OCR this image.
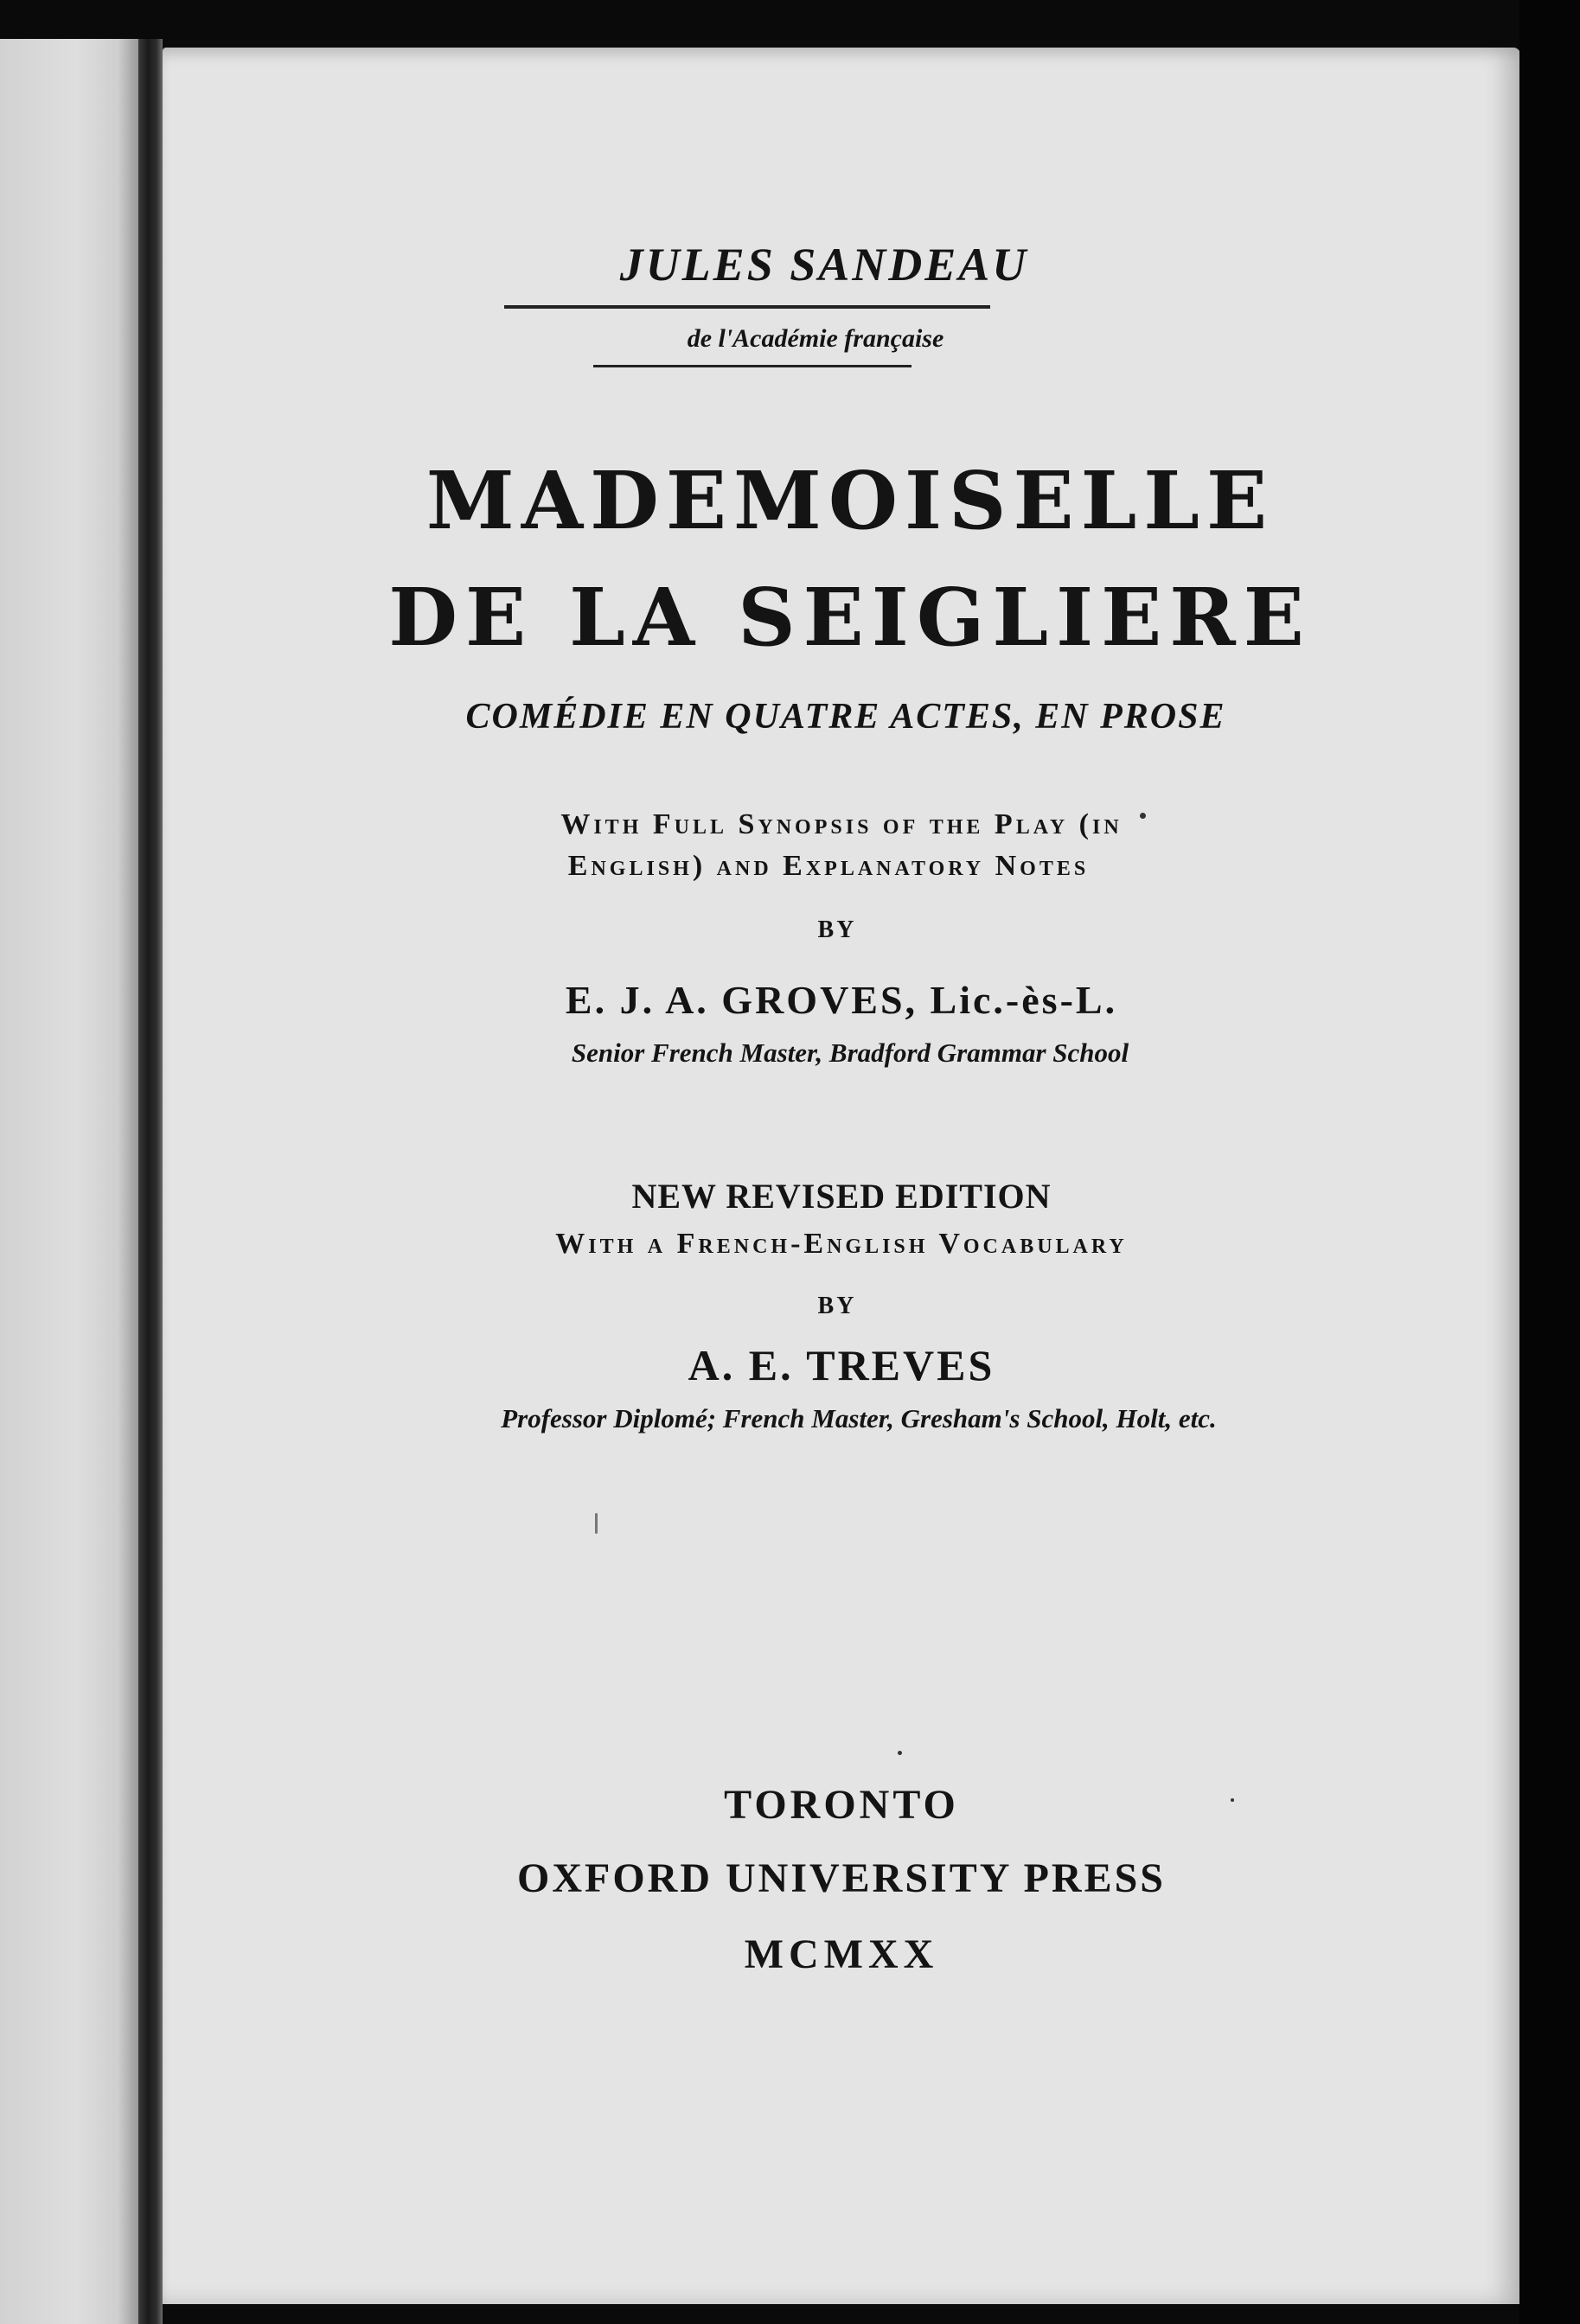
JULES SANDEAU
de l'Académie française
MADEMOISELLE
DE LA SEIGLIERE
COMÉDIE EN QUATRE ACTES, EN PROSE
With Full Synopsis of the Play (in
English) and Explanatory Notes
BY
E. J. A. GROVES, Lic.-ès-L.
Senior French Master, Bradford Grammar School
NEW REVISED EDITION
With a French-English Vocabulary
BY
A. E. TREVES
Professor Diplomé; French Master, Gresham's School, Holt, etc.
TORONTO
OXFORD UNIVERSITY PRESS
MCMXX
